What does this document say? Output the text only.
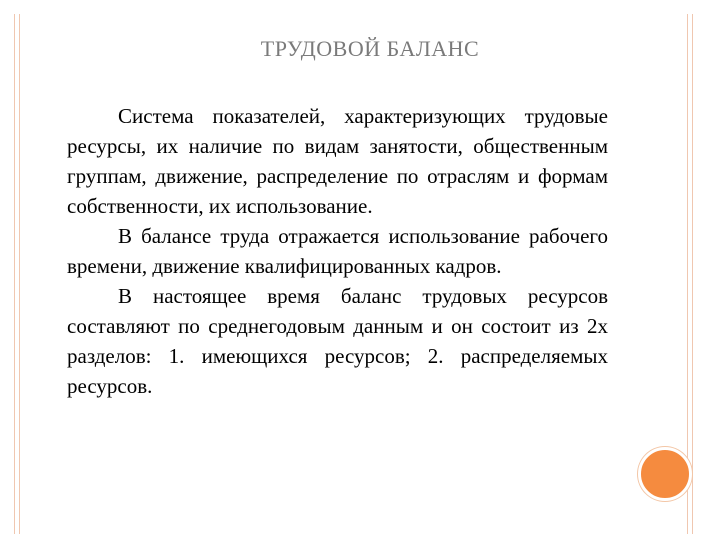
ТРУДОВОЙ БАЛАНС

Система показателей, характеризующих трудовые ресурсы, их наличие по видам занятости, общественным группам, движение, распределение по отраслям и формам собственности, их использование.

В балансе труда отражается использование рабочего времени, движение квалифицированных кадров.

В настоящее время баланс трудовых ресурсов составляют по среднегодовым данным и он состоит из 2х разделов: 1. имеющихся ресурсов; 2. распределяемых ресурсов.
